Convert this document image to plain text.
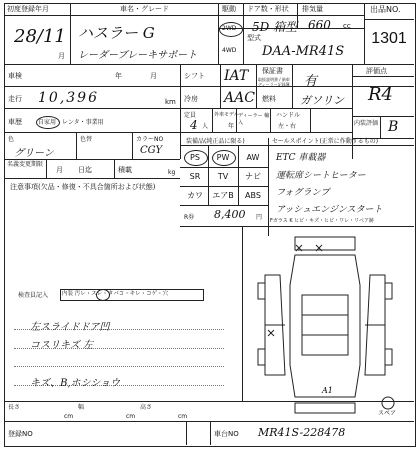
初度登録年月	車名・グレード	駆動 ドア数・形状 排気量	出品NO.
28/11
月
ハスラー G
レーダーブレーキサポート
2WD
4WD
5D 箱型 660 cc
型式
DAA-MR41S
1301
車検	年	月	シフト IAT 保証書
取扱説明書 / 新車ディーラー記録簿 有
評価点
R4
走行 10,396	km 冷房 AAC 燃料 ガソリン
車歴	自家用・レンタ・事業用
定員
4 人
外車モデル
年
ディーラー 輸入
ハンドル
左・右	内装評価 B
色
グリーン
色替	カラーNO
CGY
名義変更期限
月 日迄	積載	kg
注意事項(欠品・修復・不具合箇所および状態)
装備品(純正品に限る)
PS	PW	AW
SR	TV	ナビ
カワ	エアB	ABS
R券 8,400 円
セールスポイント(正常に作動するもの)
ETC 車載器
運転席シートヒーター
フォグランプ
アッシュエンジンスタート
Fガラス K ヒビ・キズ・ヒビ・ワレ・リペア跡
検査員記入	内装 汚レ・スレ・タバコ・キレ・コゲ・穴
左スライドドア凹
コスリキズ 左
キズ、B,ホシショウ
A1
スペア
長さ
cm
幅
cm
高さ
cm
登録NO	車台NO MR41S-228478
